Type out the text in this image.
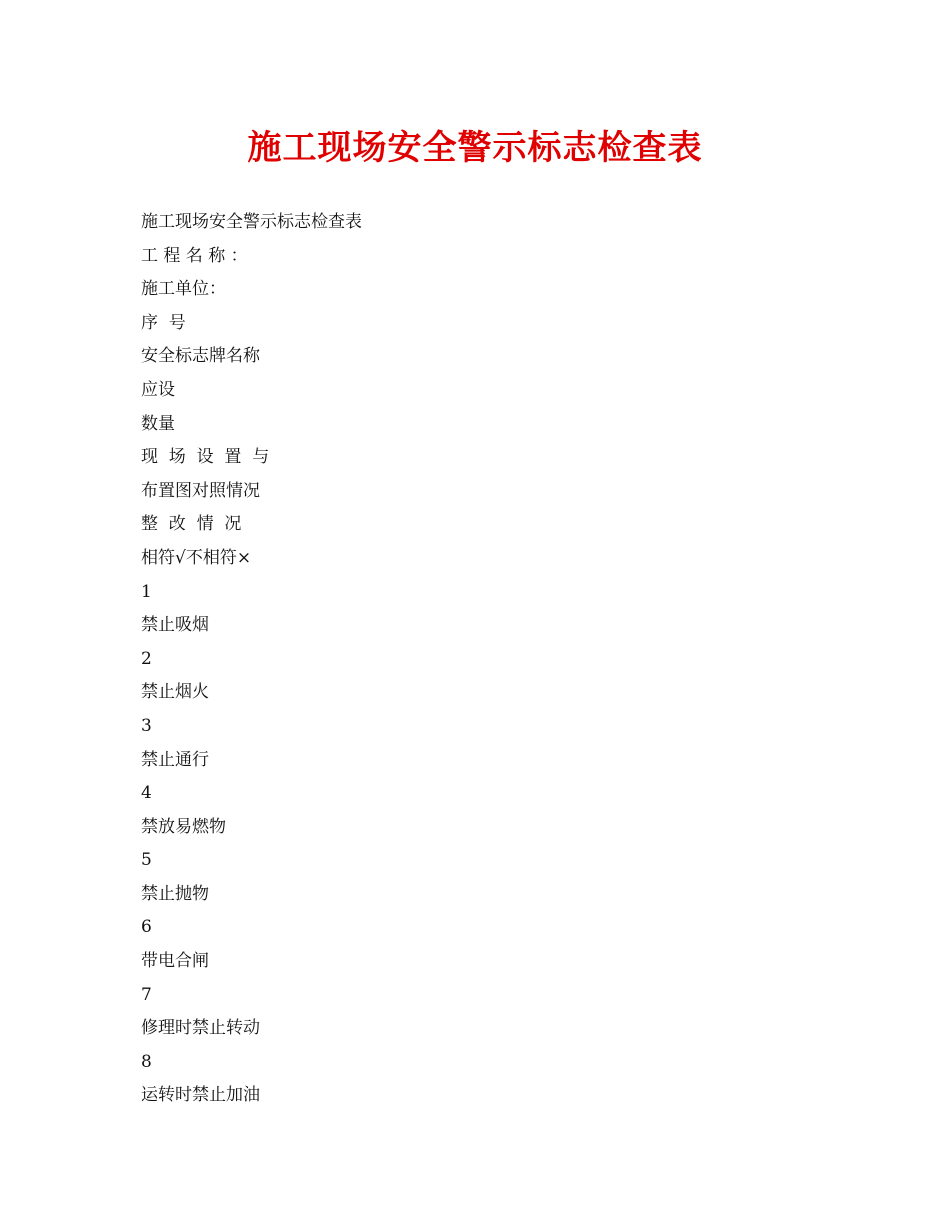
施工现场安全警示标志检查表
施工现场安全警示标志检查表
工 程 名 称 ：
施工单位：
序  号
安全标志牌名称
应设
数量
现  场  设  置  与
布置图对照情况
整  改  情  况
相符√不相符×
1
禁止吸烟
2
禁止烟火
3
禁止通行
4
禁放易燃物
5
禁止抛物
6
带电合闸
7
修理时禁止转动
8
运转时禁止加油
